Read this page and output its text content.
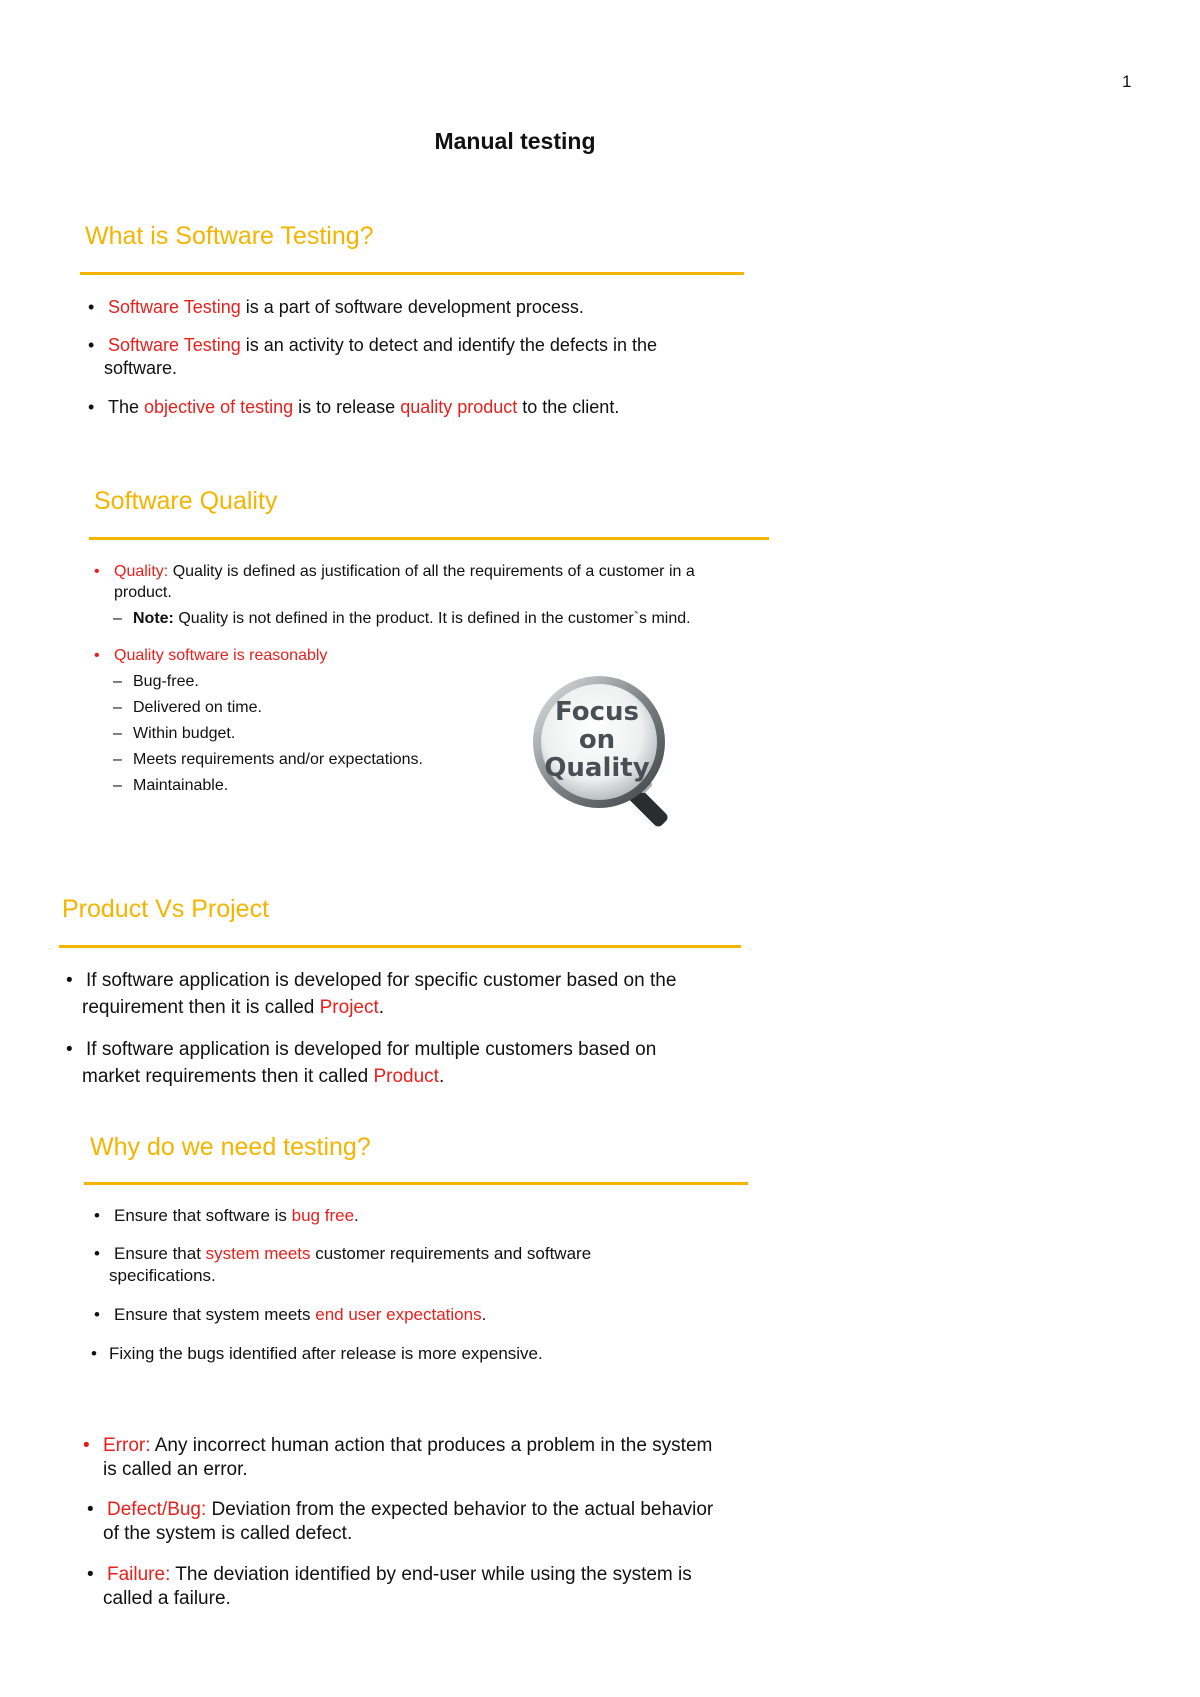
1
Manual testing
What is Software Testing?
• Software Testing is a part of software development process.
• Software Testing is an activity to detect and identify the defects in the
software.
• The objective of testing is to release quality product to the client.
Software Quality
• Quality: Quality is defined as justification of all the requirements of a customer in a
product.
– Note: Quality is not defined in the product. It is defined in the customer`s mind.
• Quality software is reasonably
– Bug-free.
– Delivered on time.
– Within budget.
– Meets requirements and/or expectations.
– Maintainable.
Focus
on
Quality
Product Vs Project
• If software application is developed for specific customer based on the
requirement then it is called Project.
• If software application is developed for multiple customers based on
market requirements then it called Product.
Why do we need testing?
• Ensure that software is bug free.
• Ensure that system meets customer requirements and software
specifications.
• Ensure that system meets end user expectations.
• Fixing the bugs identified after release is more expensive.
• Error: Any incorrect human action that produces a problem in the system
is called an error.
• Defect/Bug: Deviation from the expected behavior to the actual behavior
of the system is called defect.
• Failure: The deviation identified by end-user while using the system is
called a failure.
